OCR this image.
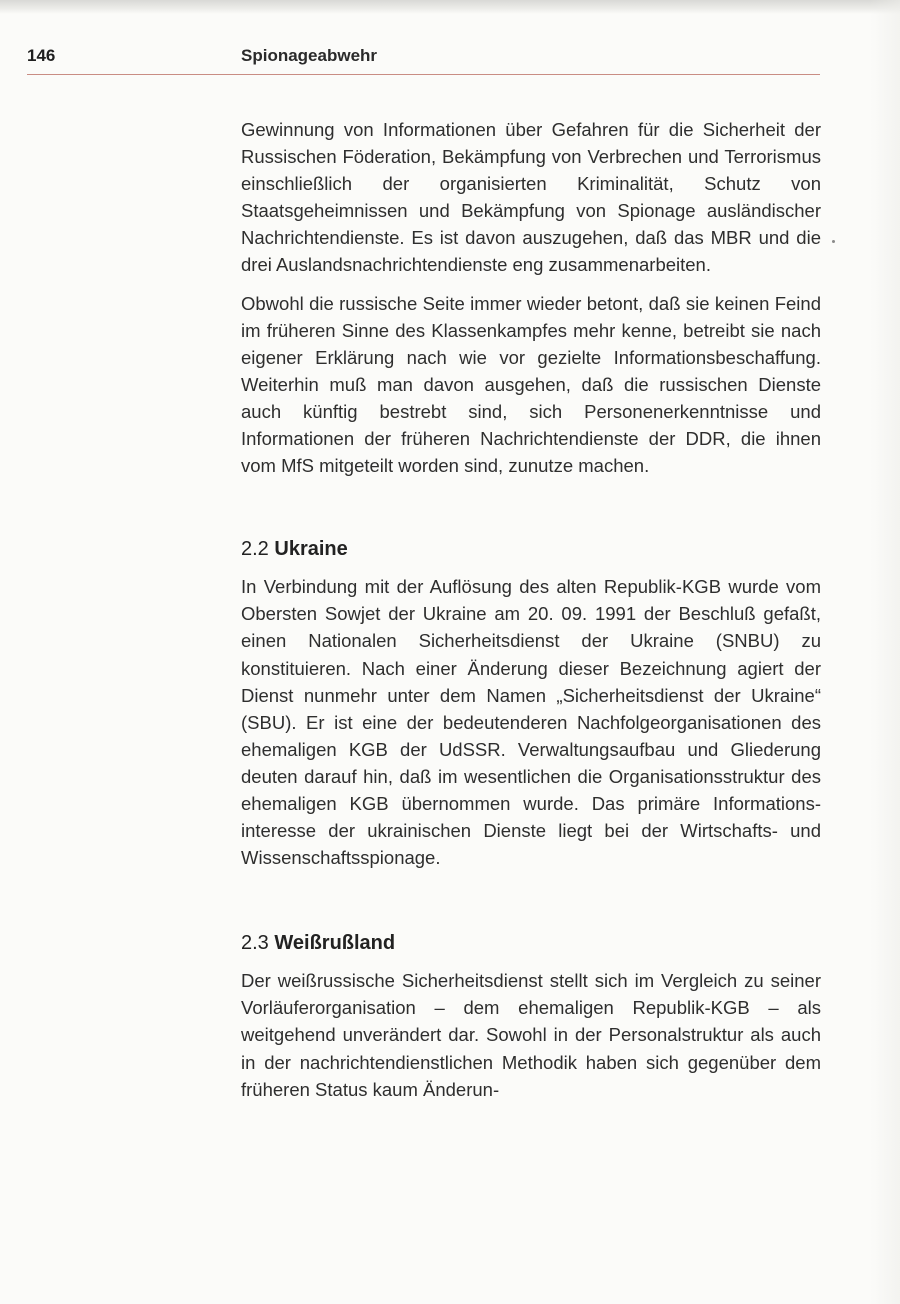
146	Spionageabwehr

Gewinnung von Informationen über Gefahren für die Sicherheit der Russischen Föderation, Bekämpfung von Verbrechen und Terrorismus einschließlich der organisierten Kriminalität, Schutz von Staatsgeheimnissen und Bekämpfung von Spionage ausländischer Nachrichtendienste. Es ist davon auszugehen, daß das MBR und die drei Auslandsnachrichtendienste eng zusammenarbeiten.

Obwohl die russische Seite immer wieder betont, daß sie keinen Feind im früheren Sinne des Klassenkampfes mehr kenne, betreibt sie nach eigener Erklärung nach wie vor gezielte Informationsbeschaffung. Weiterhin muß man davon ausgehen, daß die russischen Dienste auch künftig bestrebt sind, sich Personenerkenntnisse und Informationen der früheren Nachrichtendienste der DDR, die ihnen vom MfS mitgeteilt worden sind, zunutze machen.

2.2 Ukraine

In Verbindung mit der Auflösung des alten Republik-KGB wurde vom Obersten Sowjet der Ukraine am 20. 09. 1991 der Beschluß gefaßt, einen Nationalen Sicherheitsdienst der Ukraine (SNBU) zu konstituieren. Nach einer Änderung dieser Bezeichnung agiert der Dienst nunmehr unter dem Namen „Sicherheitsdienst der Ukraine“ (SBU). Er ist eine der bedeutenderen Nachfolgeorganisationen des ehemaligen KGB der UdSSR. Verwaltungsaufbau und Gliederung deuten darauf hin, daß im wesentlichen die Organisationsstruktur des ehemaligen KGB übernommen wurde. Das primäre Informationsinteresse der ukrainischen Dienste liegt bei der Wirtschafts- und Wissenschaftsspionage.

2.3 Weißrußland

Der weißrussische Sicherheitsdienst stellt sich im Vergleich zu seiner Vorläuferorganisation – dem ehemaligen Republik-KGB – als weitgehend unverändert dar. Sowohl in der Personalstruktur als auch in der nachrichtendienstlichen Methodik haben sich gegenüber dem früheren Status kaum Änderun-
